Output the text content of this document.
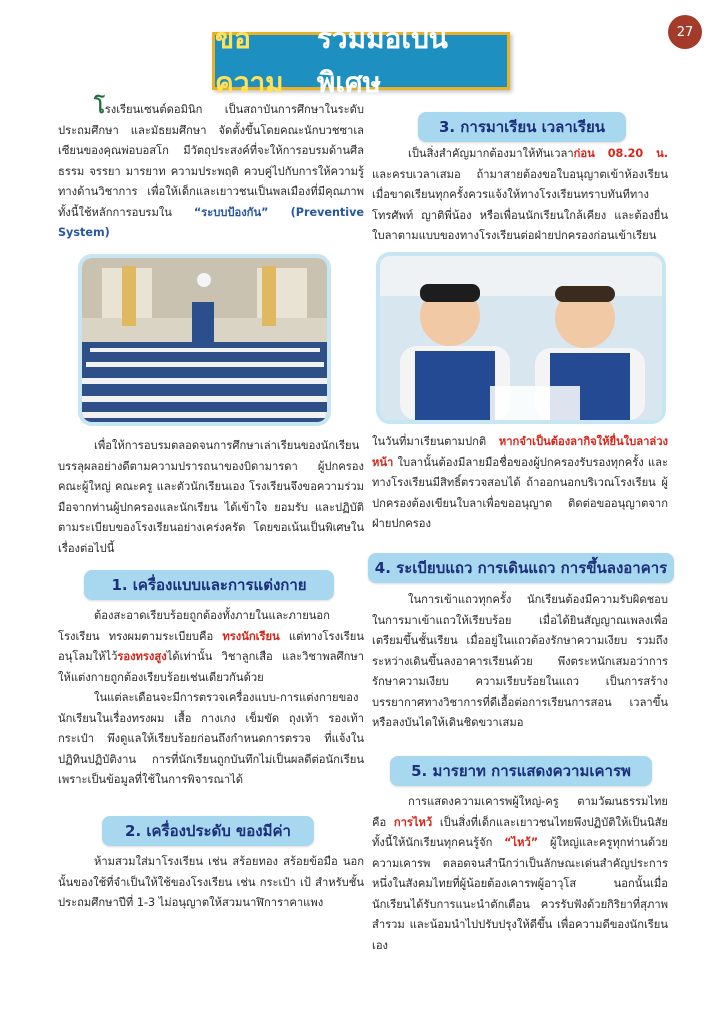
27
ขอความ
ร่วมมือเป็นพิเศษ

โรงเรียนเซนต์ดอมินิก เป็นสถาบันการศึกษาในระดับประถมศึกษา และมัธยมศึกษา จัดตั้งขึ้นโดยคณะนักบวชซาเลเซียนของคุณพ่อบอสโก มีวัตถุประสงค์ที่จะให้การอบรมด้านศีลธรรม จรรยา มารยาท ความประพฤติ ควบคู่ไปกับการให้ความรู้ทางด้านวิชาการ เพื่อให้เด็กและเยาวชนเป็นพลเมืองที่มีคุณภาพ ทั้งนี้ใช้หลักการอบรมใน “ระบบป้องกัน” (Preventive System)

เพื่อให้การอบรมตลอดจนการศึกษาเล่าเรียนของนักเรียนบรรลุผลอย่างดีตามความปรารถนาของบิดามารดา ผู้ปกครอง คณะผู้ใหญ่ คณะครู และตัวนักเรียนเอง โรงเรียนจึงขอความร่วมมือจากท่านผู้ปกครองและนักเรียน ได้เข้าใจ ยอมรับ และปฏิบัติตามระเบียบของโรงเรียนอย่างเคร่งครัด โดยขอเน้นเป็นพิเศษในเรื่องต่อไปนี้

1. เครื่องแบบและการแต่งกาย

ต้องสะอาดเรียบร้อยถูกต้องทั้งภายในและภายนอกโรงเรียน ทรงผมตามระเบียบคือ ทรงนักเรียน แต่ทางโรงเรียนอนุโลมให้ไว้รองทรงสูงได้เท่านั้น วิชาลูกเสือ และวิชาพลศึกษา ให้แต่งกายถูกต้องเรียบร้อยเช่นเดียวกันด้วย

ในแต่ละเดือนจะมีการตรวจเครื่องแบบ-การแต่งกายของนักเรียนในเรื่องทรงผม เสื้อ กางเกง เข็มขัด ถุงเท้า รองเท้า กระเป๋า พึงดูแลให้เรียบร้อยก่อนถึงกำหนดการตรวจ ที่แจ้งในปฏิทินปฏิบัติงาน การที่นักเรียนถูกบันทึกไม่เป็นผลดีต่อนักเรียน เพราะเป็นข้อมูลที่ใช้ในการพิจารณาได้

2. เครื่องประดับ ของมีค่า

ห้ามสวมใส่มาโรงเรียน เช่น สร้อยทอง สร้อยข้อมือ นอกนั้นของใช้ที่จำเป็นให้ใช้ของโรงเรียน เช่น กระเป๋า เป้ สำหรับชั้นประถมศึกษาปีที่ 1-3 ไม่อนุญาตให้สวมนาฬิการาคาแพง

3. การมาเรียน เวลาเรียน

เป็นสิ่งสำคัญมากต้องมาให้ทันเวลาก่อน 08.20 น. และครบเวลาเสมอ ถ้ามาสายต้องขอใบอนุญาตเข้าห้องเรียน เมื่อขาดเรียนทุกครั้งควรแจ้งให้ทางโรงเรียนทราบทันทีทางโทรศัพท์ ญาติพี่น้อง หรือเพื่อนนักเรียนใกล้เคียง และต้องยื่นใบลาตามแบบของทางโรงเรียนต่อฝ่ายปกครองก่อนเข้าเรียน

ในวันที่มาเรียนตามปกติ หากจำเป็นต้องลากิจให้ยื่นใบลาล่วงหน้า ใบลานั้นต้องมีลายมือชื่อของผู้ปกครองรับรองทุกครั้ง และทางโรงเรียนมีสิทธิ์ตรวจสอบได้ ถ้าออกนอกบริเวณโรงเรียน ผู้ปกครองต้องเขียนใบลาเพื่อขออนุญาต ติดต่อขออนุญาตจากฝ่ายปกครอง

4. ระเบียบแถว การเดินแถว การขึ้นลงอาคาร

ในการเข้าแถวทุกครั้ง นักเรียนต้องมีความรับผิดชอบในการมาเข้าแถวให้เรียบร้อย เมื่อได้ยินสัญญาณเพลงเพื่อเตรียมขึ้นชั้นเรียน เมื่ออยู่ในแถวต้องรักษาความเงียบ รวมถึงระหว่างเดินขึ้นลงอาคารเรียนด้วย พึงตระหนักเสมอว่าการรักษาความเงียบ ความเรียบร้อยในแถว เป็นการสร้างบรรยากาศทางวิชาการที่ดีเอื้อต่อการเรียนการสอน เวลาขึ้นหรือลงบันไดให้เดินชิดขวาเสมอ

5. มารยาท การแสดงความเคารพ

การแสดงความเคารพผู้ใหญ่-ครู ตามวัฒนธรรมไทย คือ การไหว้ เป็นสิ่งที่เด็กและเยาวชนไทยพึงปฏิบัติให้เป็นนิสัย ทั้งนี้ให้นักเรียนทุกคนรู้จัก “ไหว้” ผู้ใหญ่และครูทุกท่านด้วยความเคารพ ตลอดจนสำนึกว่าเป็นลักษณะเด่นสำคัญประการหนึ่งในสังคมไทยที่ผู้น้อยต้องเคารพผู้อาวุโส นอกนั้นเมื่อนักเรียนได้รับการแนะนำตักเตือน ควรรับฟังด้วยกิริยาที่สุภาพ สำรวม และน้อมนำไปปรับปรุงให้ดีขึ้น เพื่อความดีของนักเรียนเอง
